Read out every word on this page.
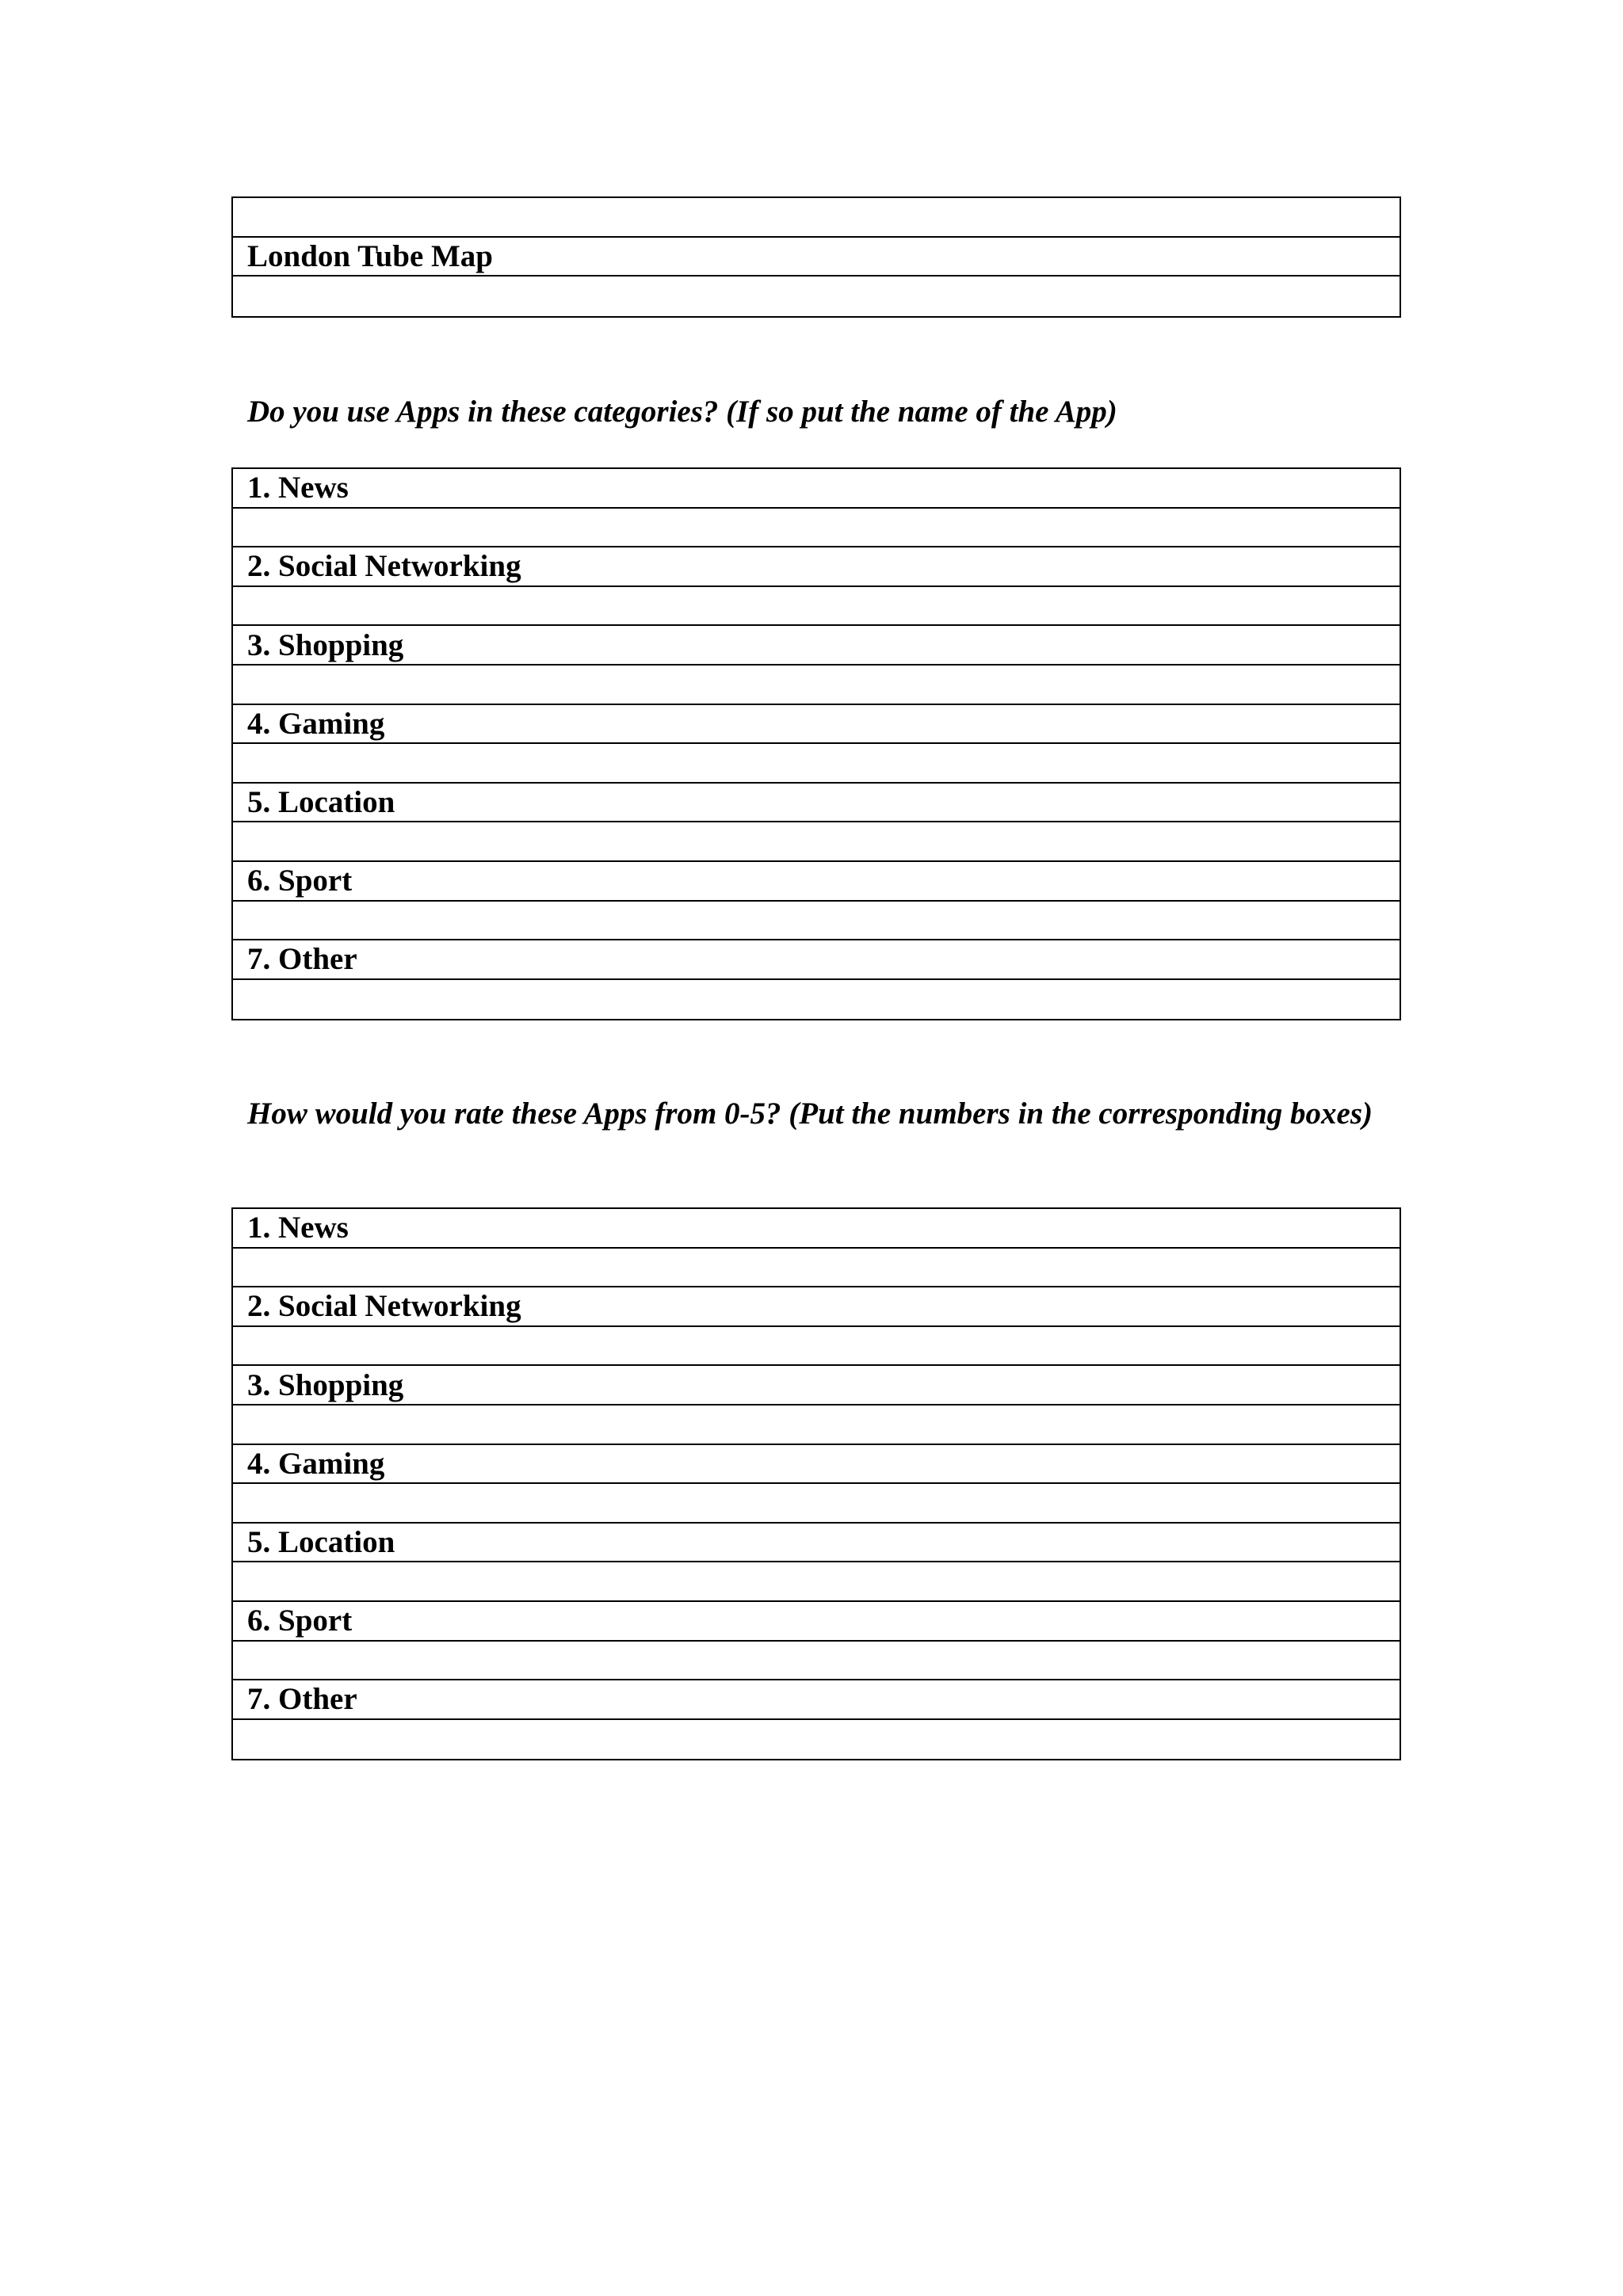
London Tube Map
Do you use Apps in these categories? (If so put the name of the App)
1. News
2. Social Networking
3. Shopping
4. Gaming
5. Location
6. Sport
7. Other
How would you rate these Apps from 0-5? (Put the numbers in the corresponding boxes)
1. News
2. Social Networking
3. Shopping
4. Gaming
5. Location
6. Sport
7. Other
